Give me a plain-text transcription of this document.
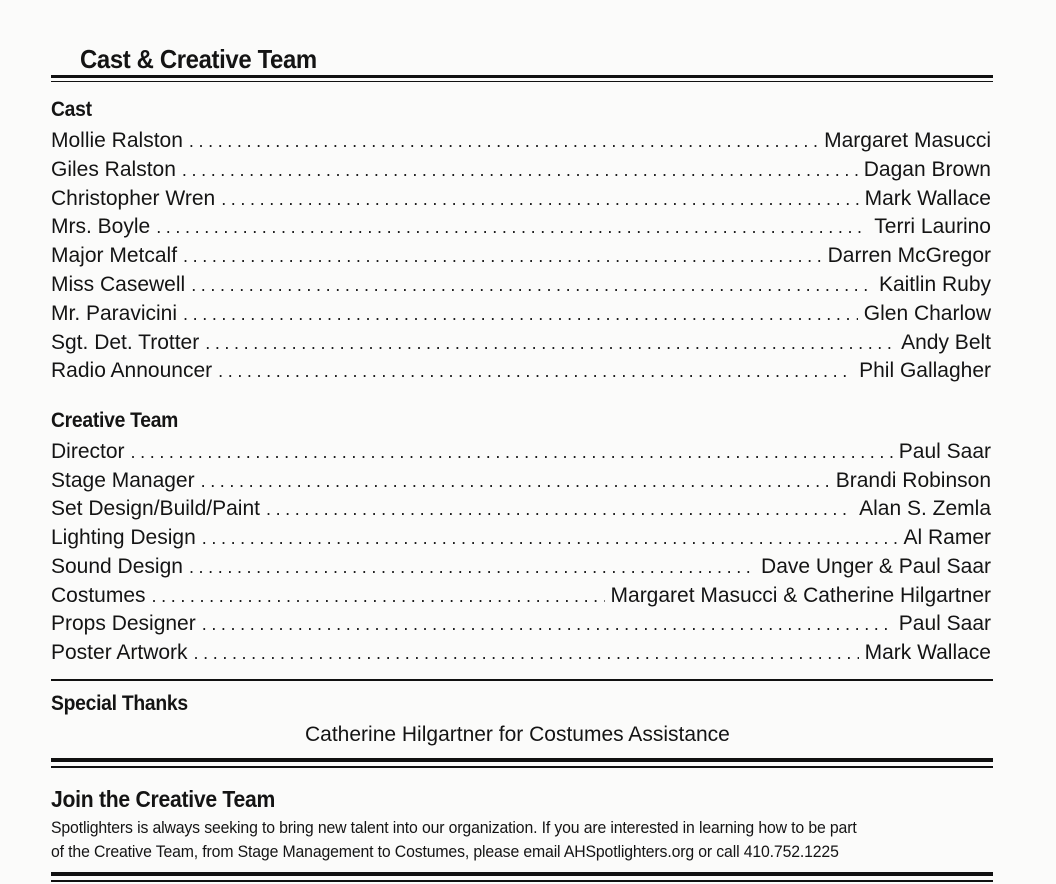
Cast & Creative Team
Cast
Mollie Ralston .....	Margaret Masucci
Giles Ralston .....	Dagan Brown
Christopher Wren .....	Mark Wallace
Mrs. Boyle .....	Terri Laurino
Major Metcalf .....	Darren McGregor
Miss Casewell .....	Kaitlin Ruby
Mr. Paravicini .....	Glen Charlow
Sgt. Det. Trotter .....	Andy Belt
Radio Announcer .....	Phil Gallagher
Creative Team
Director .....	Paul Saar
Stage Manager .....	Brandi Robinson
Set Design/Build/Paint .....	Alan S. Zemla
Lighting Design .....	Al Ramer
Sound Design .....	Dave Unger & Paul Saar
Costumes .....	Margaret Masucci & Catherine Hilgartner
Props Designer .....	Paul Saar
Poster Artwork .....	Mark Wallace
Special Thanks
Catherine Hilgartner for Costumes Assistance
Join the Creative Team

Spotlighters is always seeking to bring new talent into our organization. If you are interested in learning how to be part

of the Creative Team, from Stage Management to Costumes, please email AHSpotlighters.org or call 410.752.1225
